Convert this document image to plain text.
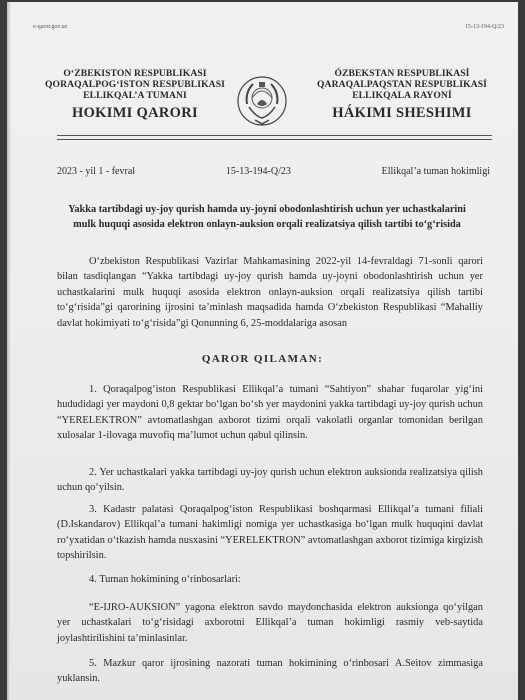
e-qaror.gov.uz	15-13-194-Q/23
O‘ZBEKISTON RESPUBLIKASI
QORAQALPOG‘ISTON RESPUBLIKASI
ELLIKQAL’A TUMANI
HOKIMI QARORI
ÓZBEKSTAN RESPUBLIKASÍ
QARAQALPAQSTAN RESPUBLIKASÍ
ELLIKQALA RAYONÍ
HÁKIMI SHESHIMI
2023 - yil 1 - fevral	15-13-194-Q/23	Ellikqal’a tuman hokimligi
Yakka tartibdagi uy-joy qurish hamda uy-joyni obodonlashtirish uchun yer uchastkalarini mulk huquqi asosida elektron onlayn-auksion orqali realizatsiya qilish tartibi to‘g‘risida
O‘zbekiston Respublikasi Vazirlar Mahkamasining 2022-yil 14-fevraldagi 71-sonli qarori bilan tasdiqlangan “Yakka tartibdagi uy-joy qurish hamda uy-joyni obodonlashtirish uchun yer uchastkalarini mulk huquqi asosida elektron onlayn-auksion orqali realizatsiya qilish tartibi to‘g‘risida”gi qarorining ijrosini ta’minlash maqsadida hamda O‘zbekiston Respublikasi “Mahalliy davlat hokimiyati to‘g‘risida”gi Qonunning 6, 25-moddalariga asosan
QAROR QILAMAN:
1. Qoraqalpog‘iston Respublikasi Ellikqal’a tumani “Sahtiyon” shahar fuqarolar yig‘ini hududidagi yer maydoni 0,8 gektar bo‘lgan bo‘sh yer maydonini yakka tartibdagi uy-joy qurish uchun “YERELEKTRON” avtomatlashgan axborot tizimi orqali vakolatli organlar tomonidan berilgan xulosalar 1-ilovaga muvofiq ma’lumot uchun qabul qilinsin.
2. Yer uchastkalari yakka tartibdagi uy-joy qurish uchun elektron auksionda realizatsiya qilish uchun qo‘yilsin.
3. Kadastr palatasi Qoraqalpog‘iston Respublikasi boshqarmasi Ellikqal’a tumani filiali (D.Iskandarov) Ellikqal’a tumani hakimligi nomiga yer uchastkasiga bo‘lgan mulk huquqini davlat ro‘yxatidan o‘tkazish hamda nusxasini “YERELEKTRON” avtomatlashgan axborot tizimiga kirgizish topshirilsin.
4. Tuman hokimining o‘rinbosarlari:
“E-IJRO-AUKSION” yagona elektron savdo maydonchasida elektron auksionga qo‘yilgan yer uchastkalari to‘g‘risidagi axborotni Ellikqal’a tuman hokimligi rasmiy veb-saytida joylashtirilishini ta’minlasinlar.
5. Mazkur qaror ijrosining nazorati tuman hokimining o‘rinbosari A.Seitov zimmasiga yuklansin.
